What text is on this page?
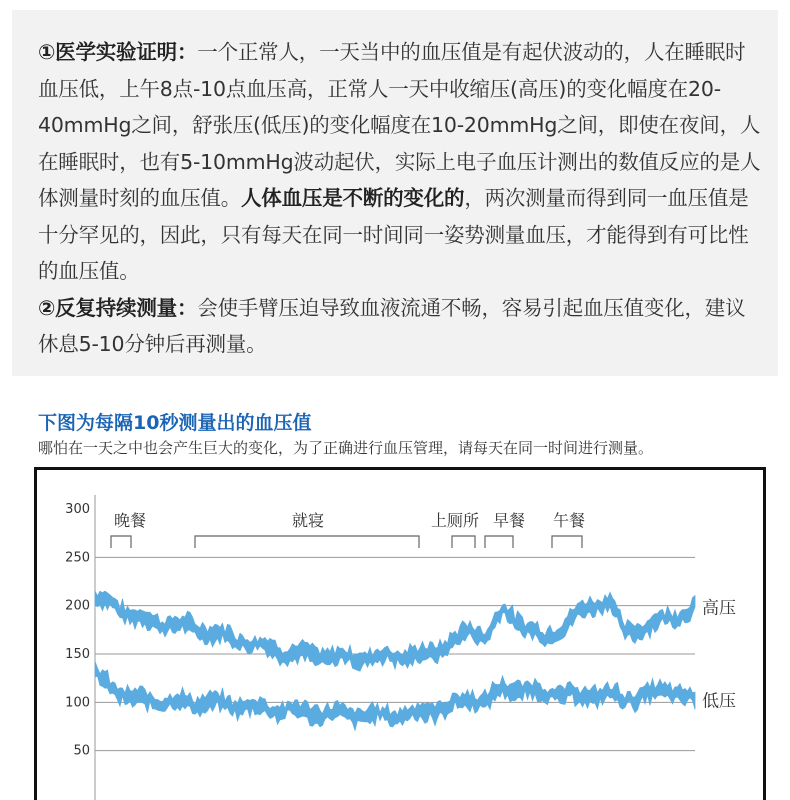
①医学实验证明：一个正常人，一天当中的血压值是有起伏波动的，人在睡眠时血压低，上午8点-10点血压高，正常人一天中收缩压(高压)的变化幅度在20-40mmHg之间，舒张压(低压)的变化幅度在10-20mmHg之间，即使在夜间，人在睡眠时，也有5-10mmHg波动起伏，实际上电子血压计测出的数值反应的是人体测量时刻的血压值。人体血压是不断的变化的，两次测量而得到同一血压值是十分罕见的，因此，只有每天在同一时间同一姿势测量血压，才能得到有可比性的血压值。
②反复持续测量：会使手臂压迫导致血液流通不畅，容易引起血压值变化，建议休息5-10分钟后再测量。
下图为每隔10秒测量出的血压值
哪怕在一天之中也会产生巨大的变化，为了正确进行血压管理，请每天在同一时间进行测量。
50
100
150
200
250
300
晚餐	就寝	上厕所 早餐 午餐
高压
低压
